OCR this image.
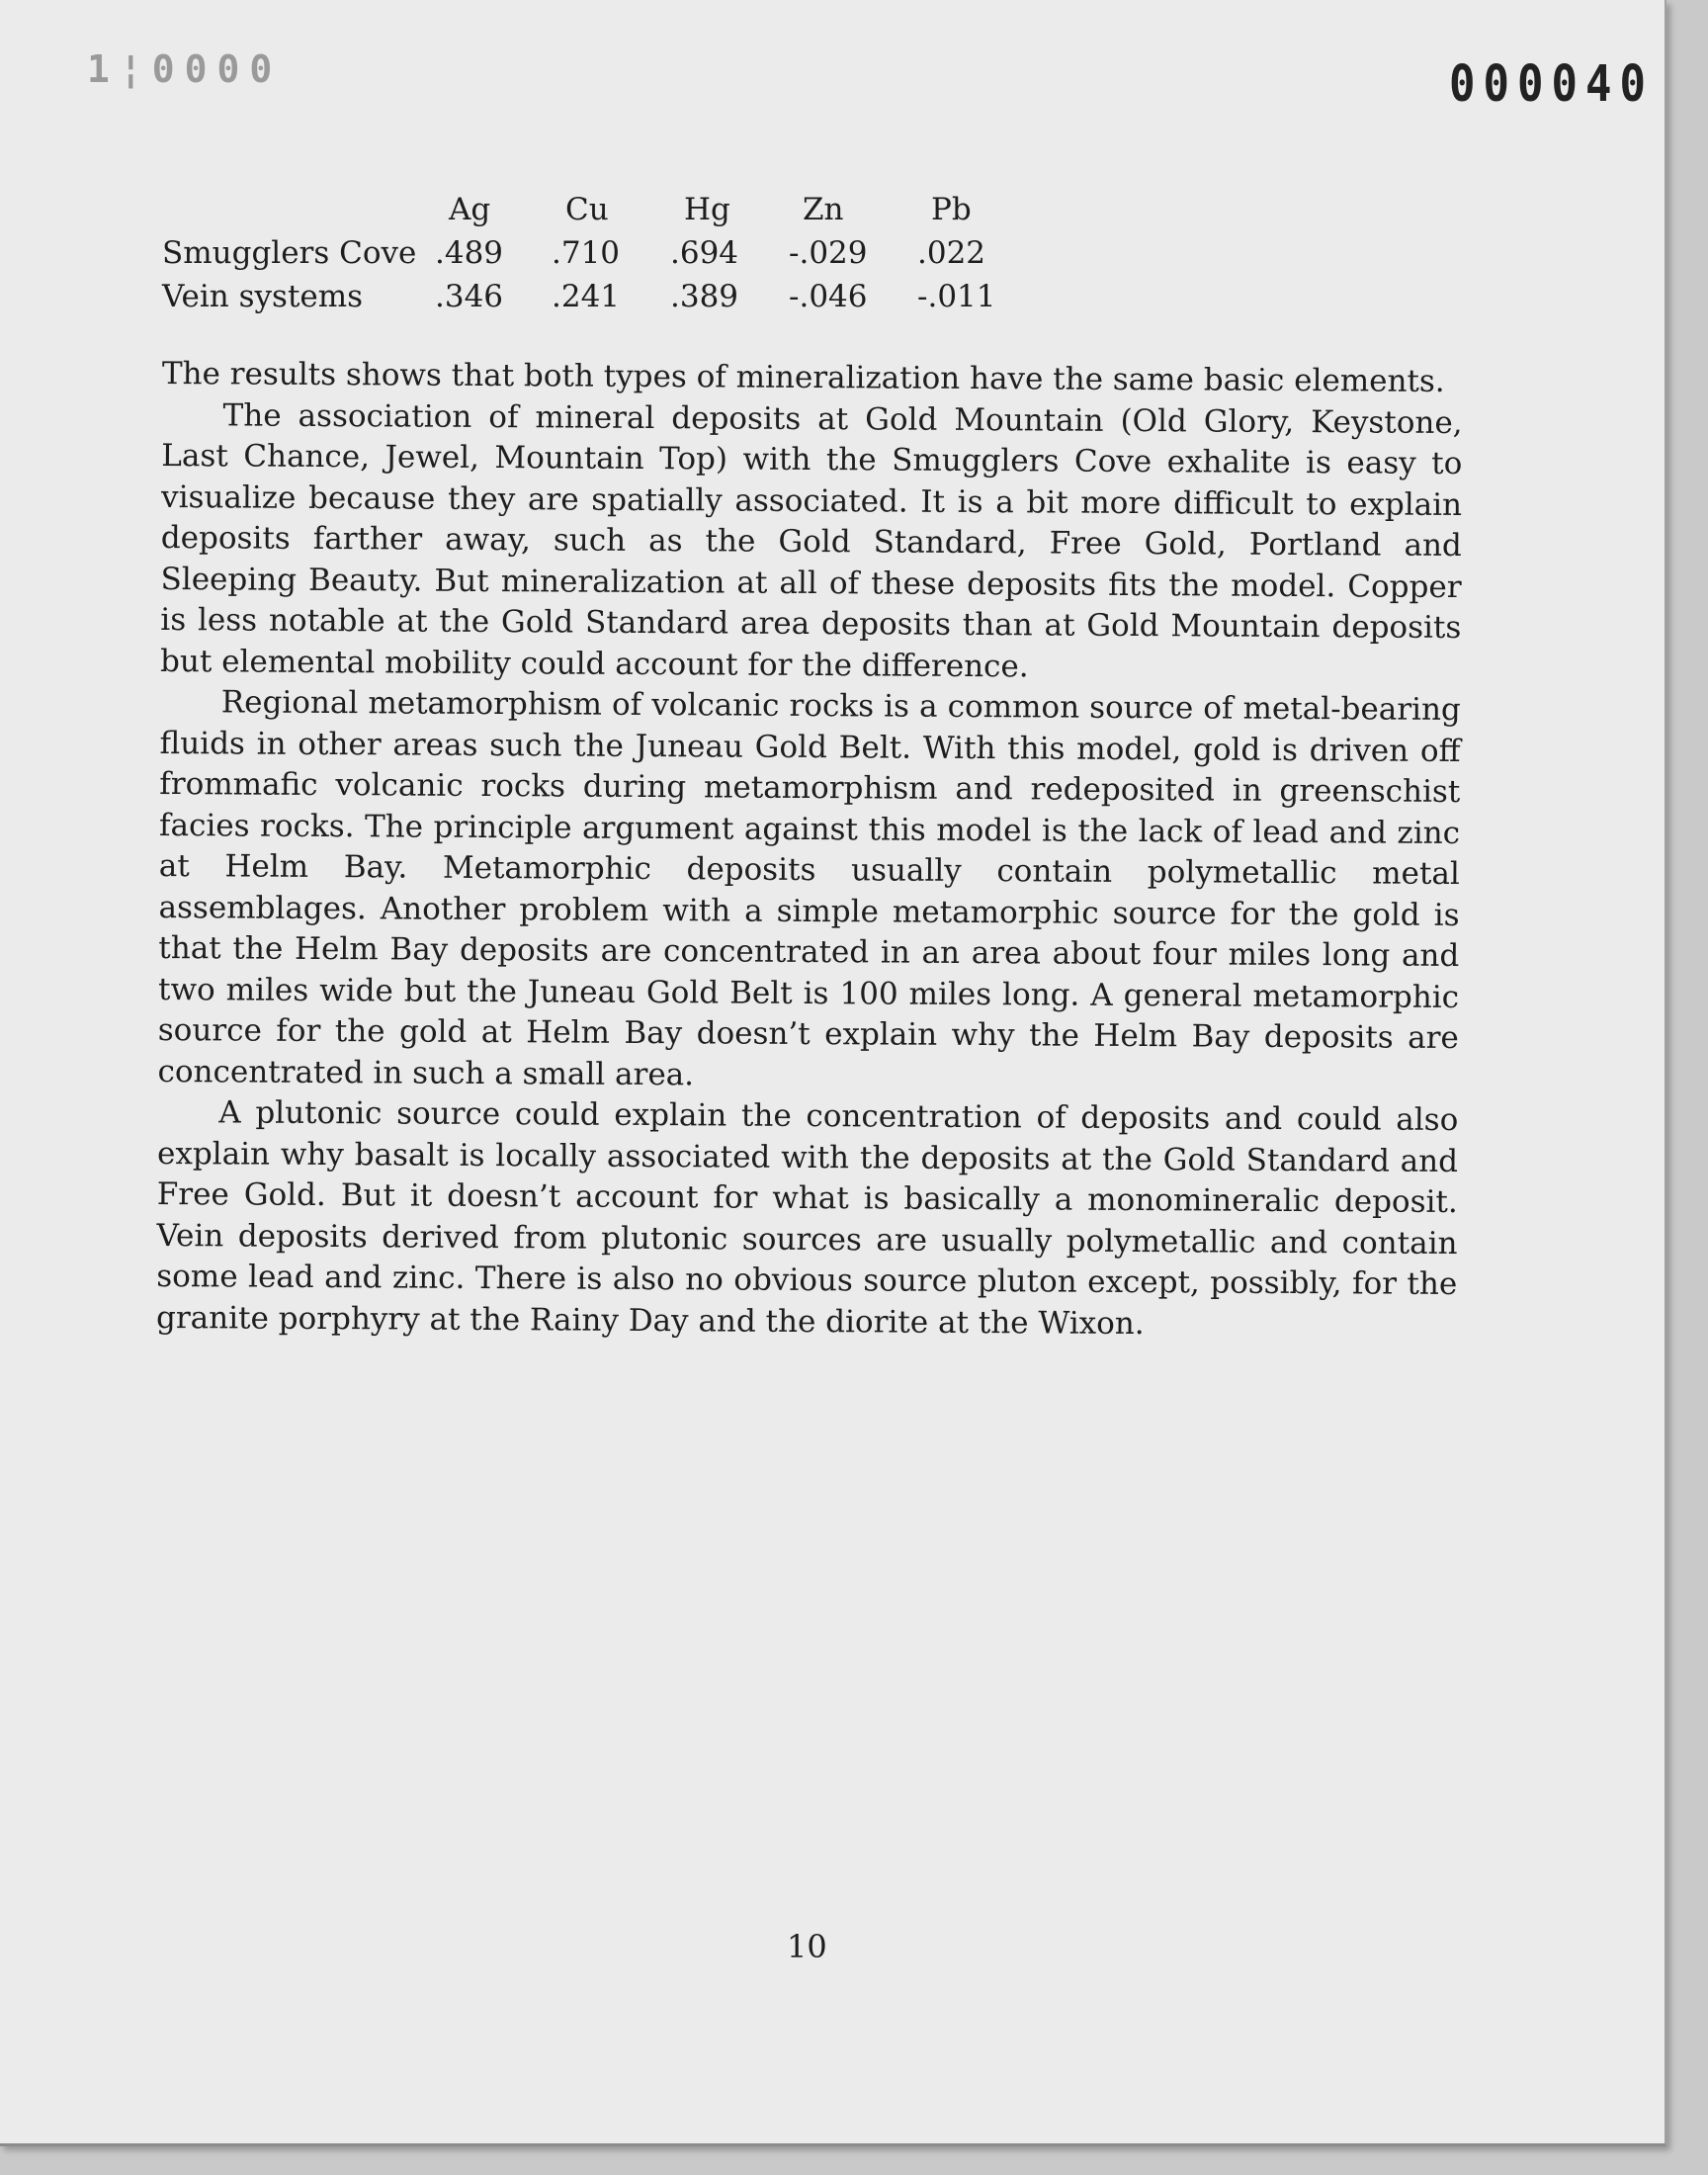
1¦0000	000040
	Ag	Cu	Hg	Zn	Pb
Smugglers Cove	.489	.710	.694	-.029	.022
Vein systems	.346	.241	.389	-.046	-.011

The results shows that both types of mineralization have the same basic elements.

The association of mineral deposits at Gold Mountain (Old Glory, Keystone, Last Chance, Jewel, Mountain Top) with the Smugglers Cove exhalite is easy to visualize because they are spatially associated. It is a bit more difficult to explain deposits farther away, such as the Gold Standard, Free Gold, Portland and Sleeping Beauty. But mineralization at all of these deposits fits the model. Copper is less notable at the Gold Standard area deposits than at Gold Mountain deposits but elemental mobility could account for the difference.

Regional metamorphism of volcanic rocks is a common source of metal-bearing fluids in other areas such the Juneau Gold Belt. With this model, gold is driven off frommafic volcanic rocks during metamorphism and redeposited in greenschist facies rocks. The principle argument against this model is the lack of lead and zinc at Helm Bay. Metamorphic deposits usually contain polymetallic metal assemblages. Another problem with a simple metamorphic source for the gold is that the Helm Bay deposits are concentrated in an area about four miles long and two miles wide but the Juneau Gold Belt is 100 miles long. A general metamorphic source for the gold at Helm Bay doesn’t explain why the Helm Bay deposits are concentrated in such a small area.

A plutonic source could explain the concentration of deposits and could also explain why basalt is locally associated with the deposits at the Gold Standard and Free Gold. But it doesn’t account for what is basically a monomineralic deposit. Vein deposits derived from plutonic sources are usually polymetallic and contain some lead and zinc. There is also no obvious source pluton except, possibly, for the granite porphyry at the Rainy Day and the diorite at the Wixon.

10
